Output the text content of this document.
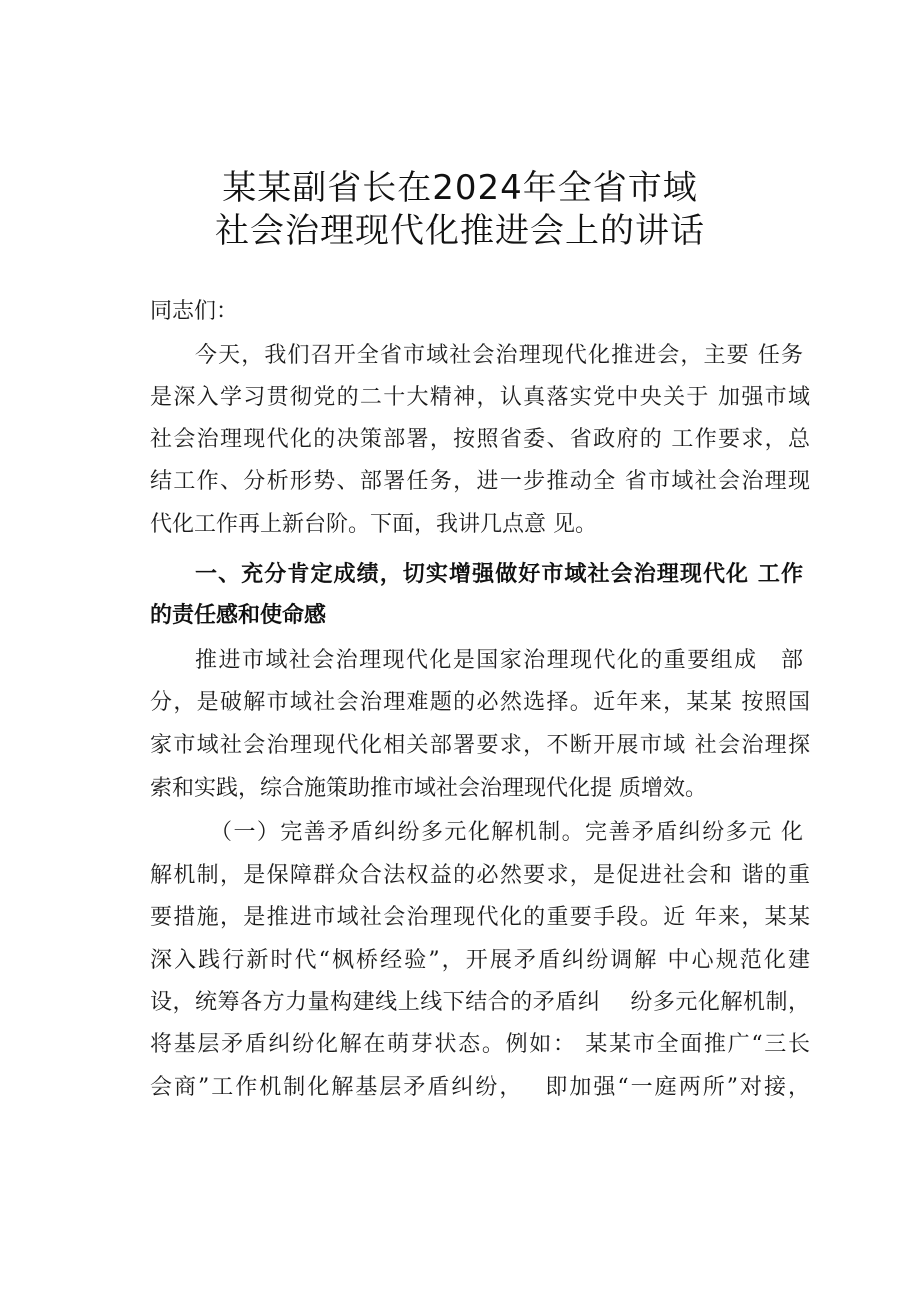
某某副省长在2024年全省市域
社会治理现代化推进会上的讲话
同志们：
今天，我们召开全省市域社会治理现代化推进会，主要 任务
是深入学习贯彻党的二十大精神，认真落实党中央关于 加强市域
社会治理现代化的决策部署，按照省委、省政府的 工作要求，总
结工作、分析形势、部署任务，进一步推动全 省市域社会治理现
代化工作再上新台阶。下面，我讲几点意 见。
一、充分肯定成绩，切实增强做好市域社会治理现代化 工作
的责任感和使命感
推进市域社会治理现代化是国家治理现代化的重要组成　部
分，是破解市域社会治理难题的必然选择。近年来，某某 按照国
家市域社会治理现代化相关部署要求，不断开展市域 社会治理探
索和实践，综合施策助推市域社会治理现代化提 质增效。
（一）完善矛盾纠纷多元化解机制。完善矛盾纠纷多元 化
解机制，是保障群众合法权益的必然要求，是促进社会和 谐的重
要措施，是推进市域社会治理现代化的重要手段。近 年来，某某
深入践行新时代“枫桥经验”，开展矛盾纠纷调解 中心规范化建
设，统筹各方力量构建线上线下结合的矛盾纠　 纷多元化解机制，
将基层矛盾纠纷化解在萌芽状态。例如： 某某市全面推广“三长
会商”工作机制化解基层矛盾纠纷，　 即加强“一庭两所”对接，
